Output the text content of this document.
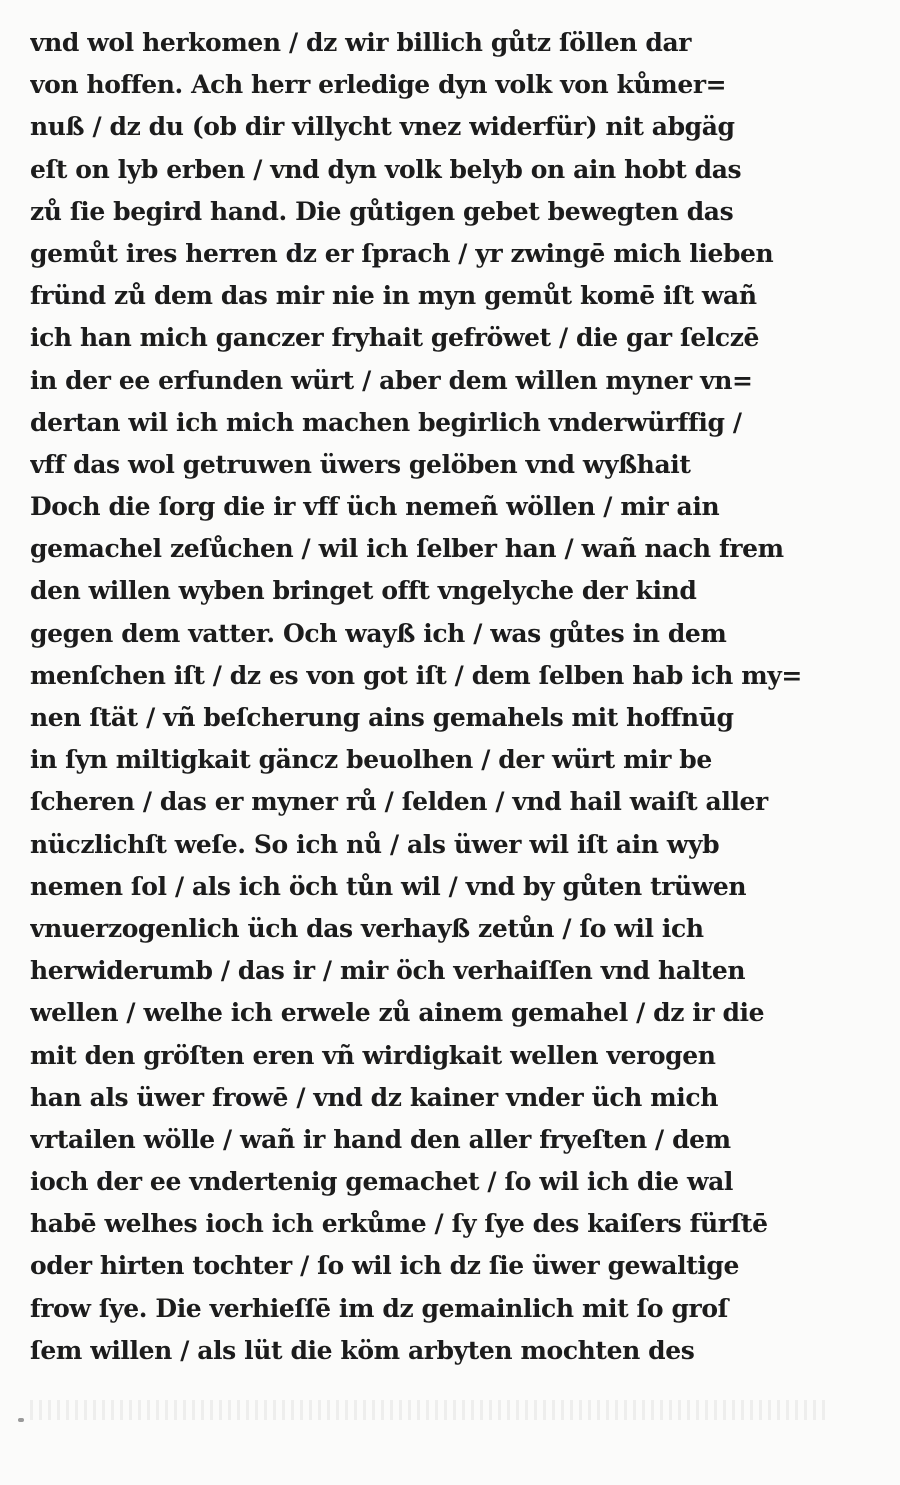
vnd wol herkomen / dz wir billich gůtz ſöllen dar
von hoffen. Ach herr erledige dyn volk von kůmer=
nuß / dz du (ob dir villycht vnez widerfür) nit abgäg
eſt on lyb erben / vnd dyn volk belyb on ain hobt das
zů ſie begird hand. Die gůtigen gebet bewegten das
gemůt ires herren dz er ſprach / yr zwingē mich lieben
fründ zů dem das mir nie in myn gemůt komē iſt wañ
ich han mich ganczer fryhait gefröwet / die gar ſelczē
in der ee erfunden würt / aber dem willen myner vn=
dertan wil ich mich machen begirlich vnderwürffig /
vff das wol getruwen üwers gelöben vnd wyßhait
Doch die ſorg die ir vff üch nemeñ wöllen / mir ain
gemachel zeſůchen / wil ich ſelber han / wañ nach frem
den willen wyben bringet offt vngelyche der kind
gegen dem vatter. Och wayß ich / was gůtes in dem
menſchen iſt / dz es von got iſt / dem ſelben hab ich my=
nen ſtät / vñ beſcherung ains gemahels mit hoffnūg
in ſyn miltigkait gäncz beuolhen / der würt mir be
ſcheren / das er myner rů / ſelden / vnd hail waiſt aller
nüczlichſt weſe. So ich nů / als üwer wil iſt ain wyb
nemen ſol / als ich öch tůn wil / vnd by gůten trüwen
vnuerzogenlich üch das verhayß zetůn / ſo wil ich
herwiderumb / das ir / mir öch verhaiſſen vnd halten
wellen / welhe ich erwele zů ainem gemahel / dz ir die
mit den gröſten eren vñ wirdigkait wellen verogen
han als üwer frowē / vnd dz kainer vnder üch mich
vrtailen wölle / wañ ir hand den aller fryeſten / dem
ioch der ee vndertenig gemachet / ſo wil ich die wal
habē welhes ioch ich erkůme / ſy ſye des kaiſers fürſtē
oder hirten tochter / ſo wil ich dz ſie üwer gewaltige
frow ſye. Die verhieſſē im dz gemainlich mit ſo groſ
ſem willen / als lüt die köm arbyten mochten des
